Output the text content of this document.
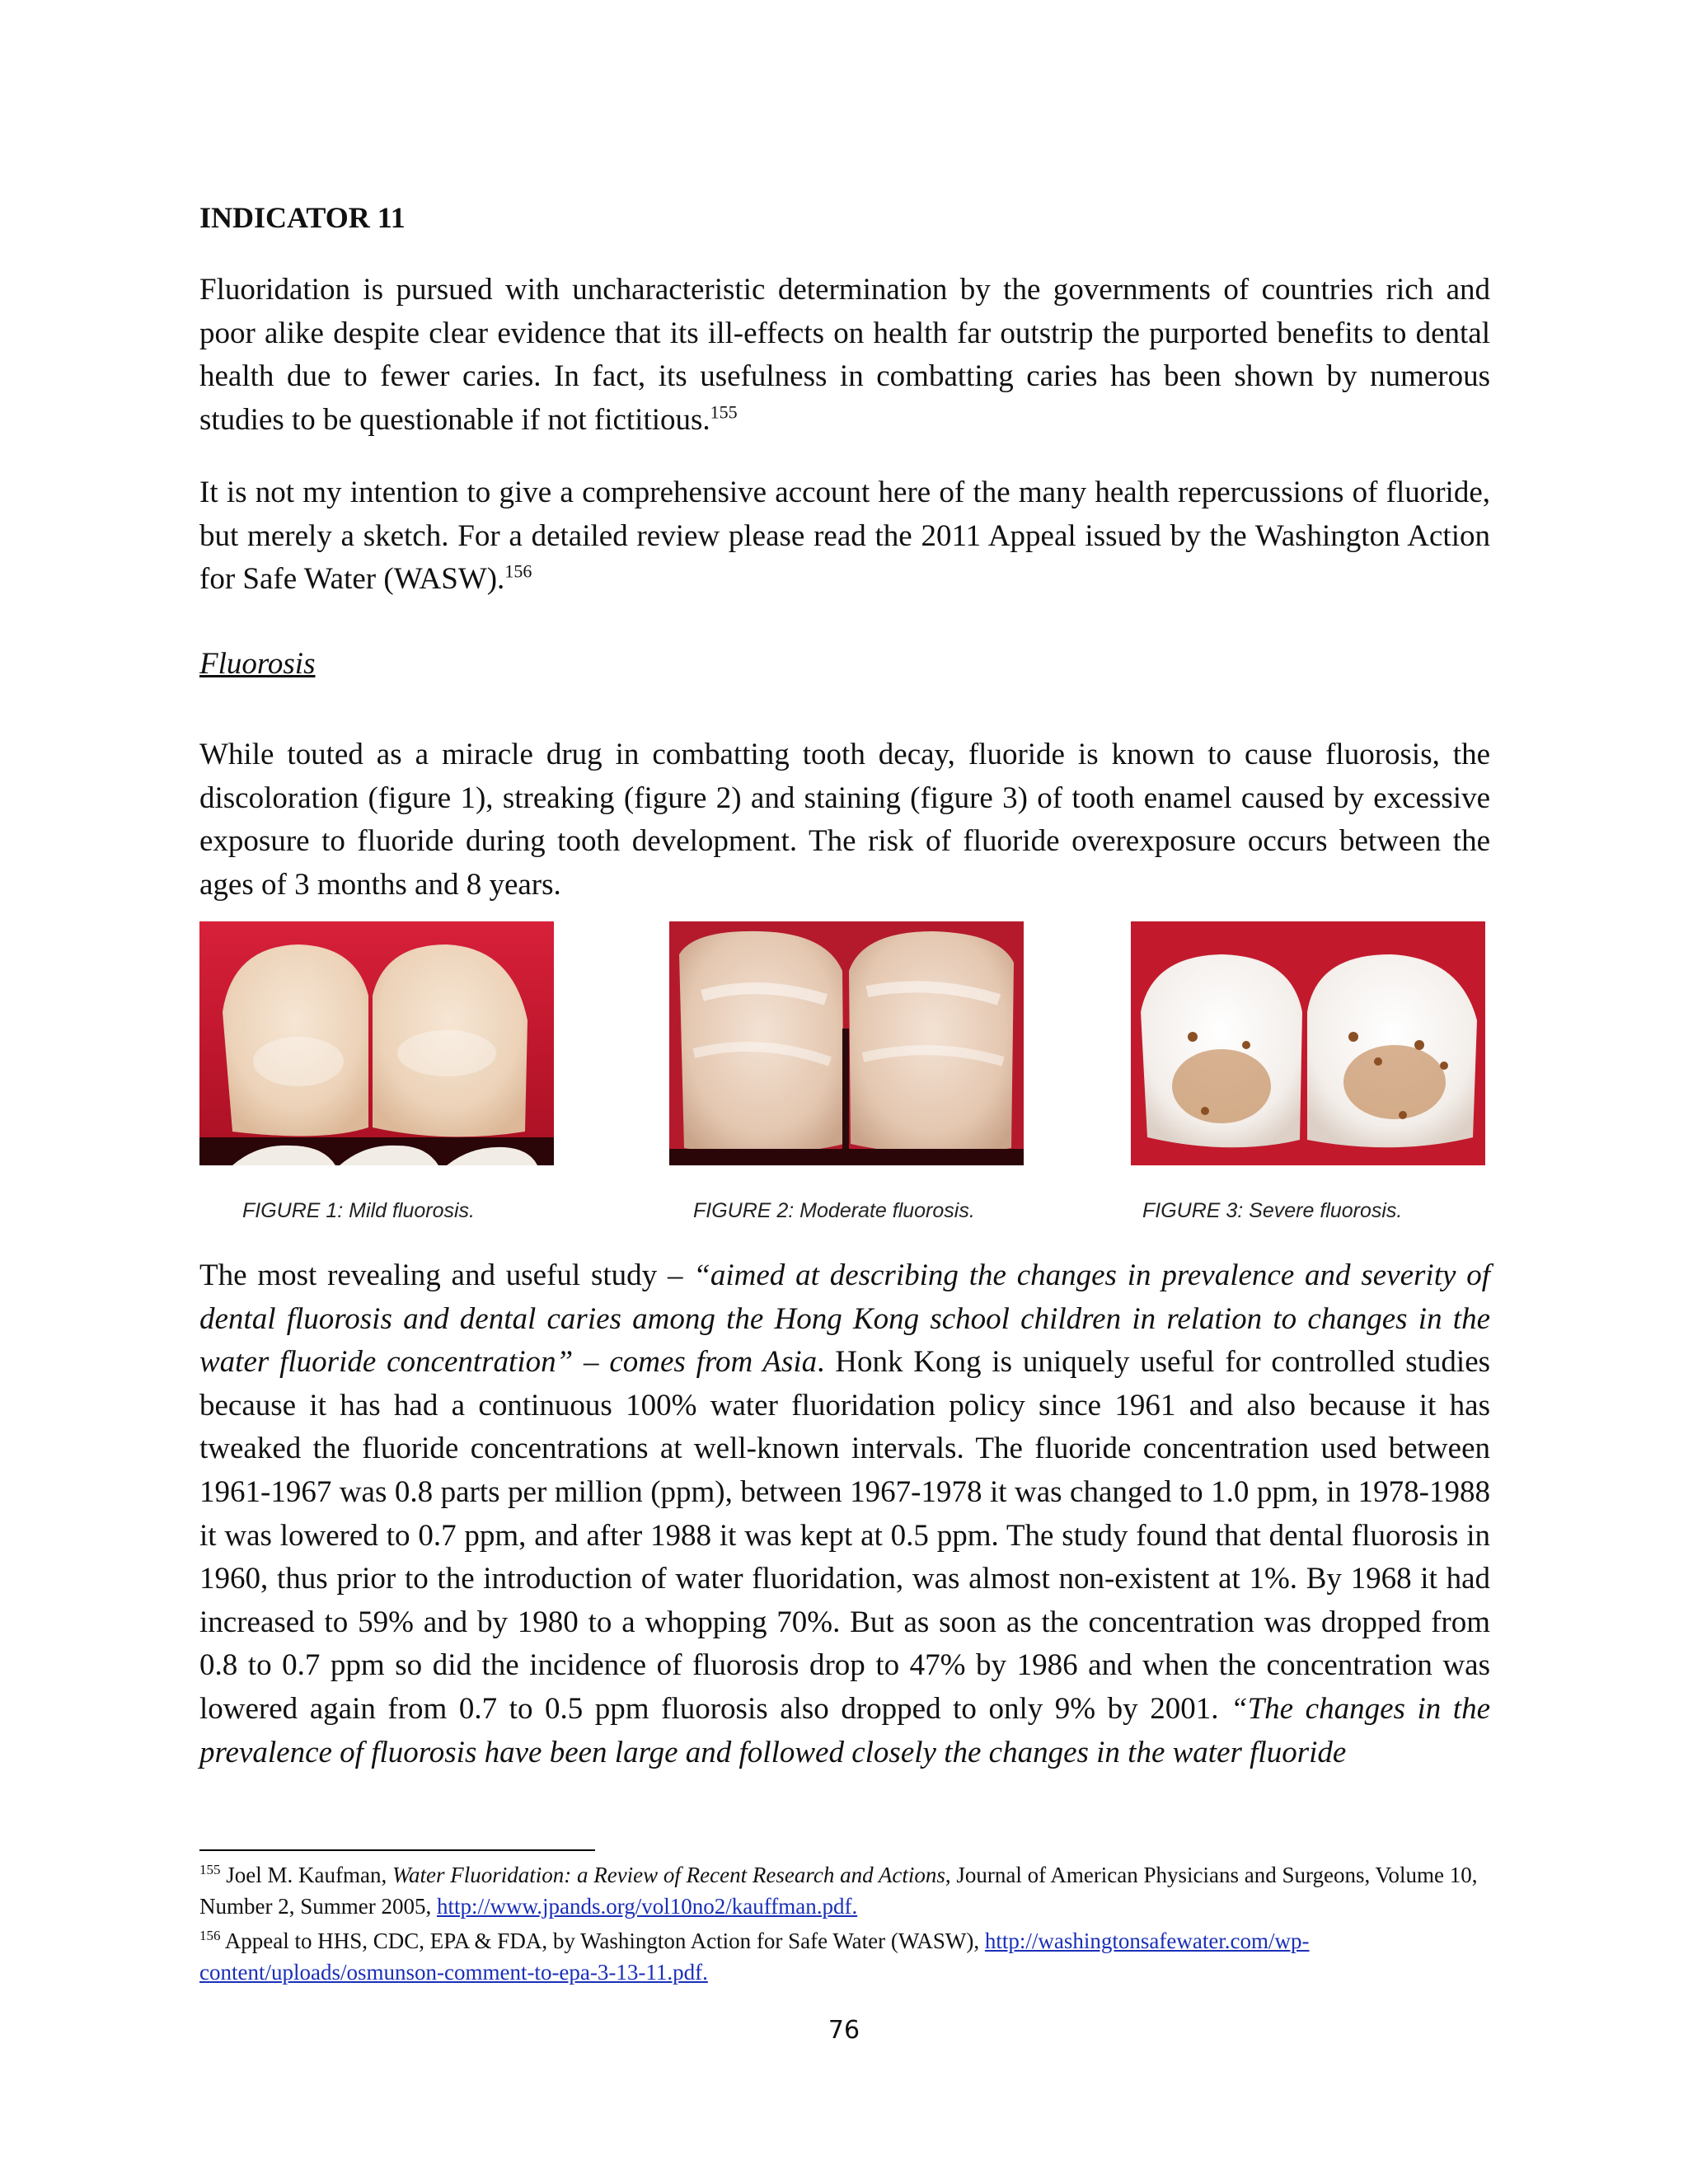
INDICATOR 11
Fluoridation is pursued with uncharacteristic determination by the governments of countries rich and poor alike despite clear evidence that its ill-effects on health far outstrip the purported benefits to dental health due to fewer caries. In fact, its usefulness in combatting caries has been shown by numerous studies to be questionable if not fictitious.$^{155}$
It is not my intention to give a comprehensive account here of the many health repercussions of fluoride, but merely a sketch. For a detailed review please read the 2011 Appeal issued by the Washington Action for Safe Water (WASW).$^{156}$
Fluorosis
While touted as a miracle drug in combatting tooth decay, fluoride is known to cause fluorosis, the discoloration (figure 1), streaking (figure 2) and staining (figure 3) of tooth enamel caused by excessive exposure to fluoride during tooth development. The risk of fluoride overexposure occurs between the ages of 3 months and 8 years.
FIGURE 1: Mild fluorosis.	FIGURE 2: Moderate fluorosis.	FIGURE 3: Severe fluorosis.
The most revealing and useful study – “aimed at describing the changes in prevalence and severity of dental fluorosis and dental caries among the Hong Kong school children in relation to changes in the water fluoride concentration” – comes from Asia. Honk Kong is uniquely useful for controlled studies because it has had a continuous 100% water fluoridation policy since 1961 and also because it has tweaked the fluoride concentrations at well-known intervals. The fluoride concentration used between 1961-1967 was 0.8 parts per million (ppm), between 1967-1978 it was changed to 1.0 ppm, in 1978-1988 it was lowered to 0.7 ppm, and after 1988 it was kept at 0.5 ppm. The study found that dental fluorosis in 1960, thus prior to the introduction of water fluoridation, was almost non-existent at 1%. By 1968 it had increased to 59% and by 1980 to a whopping 70%. But as soon as the concentration was dropped from 0.8 to 0.7 ppm so did the incidence of fluorosis drop to 47% by 1986 and when the concentration was lowered again from 0.7 to 0.5 ppm fluorosis also dropped to only 9% by 2001. “The changes in the prevalence of fluorosis have been large and followed closely the changes in the water fluoride
$^{155}$ Joel M. Kaufman, Water Fluoridation: a Review of Recent Research and Actions, Journal of American Physicians and Surgeons, Volume 10, Number 2, Summer 2005, http://www.jpands.org/vol10no2/kauffman.pdf.
$^{156}$ Appeal to HHS, CDC, EPA & FDA, by Washington Action for Safe Water (WASW), http://washingtonsafewater.com/wp-content/uploads/osmunson-comment-to-epa-3-13-11.pdf.
76
